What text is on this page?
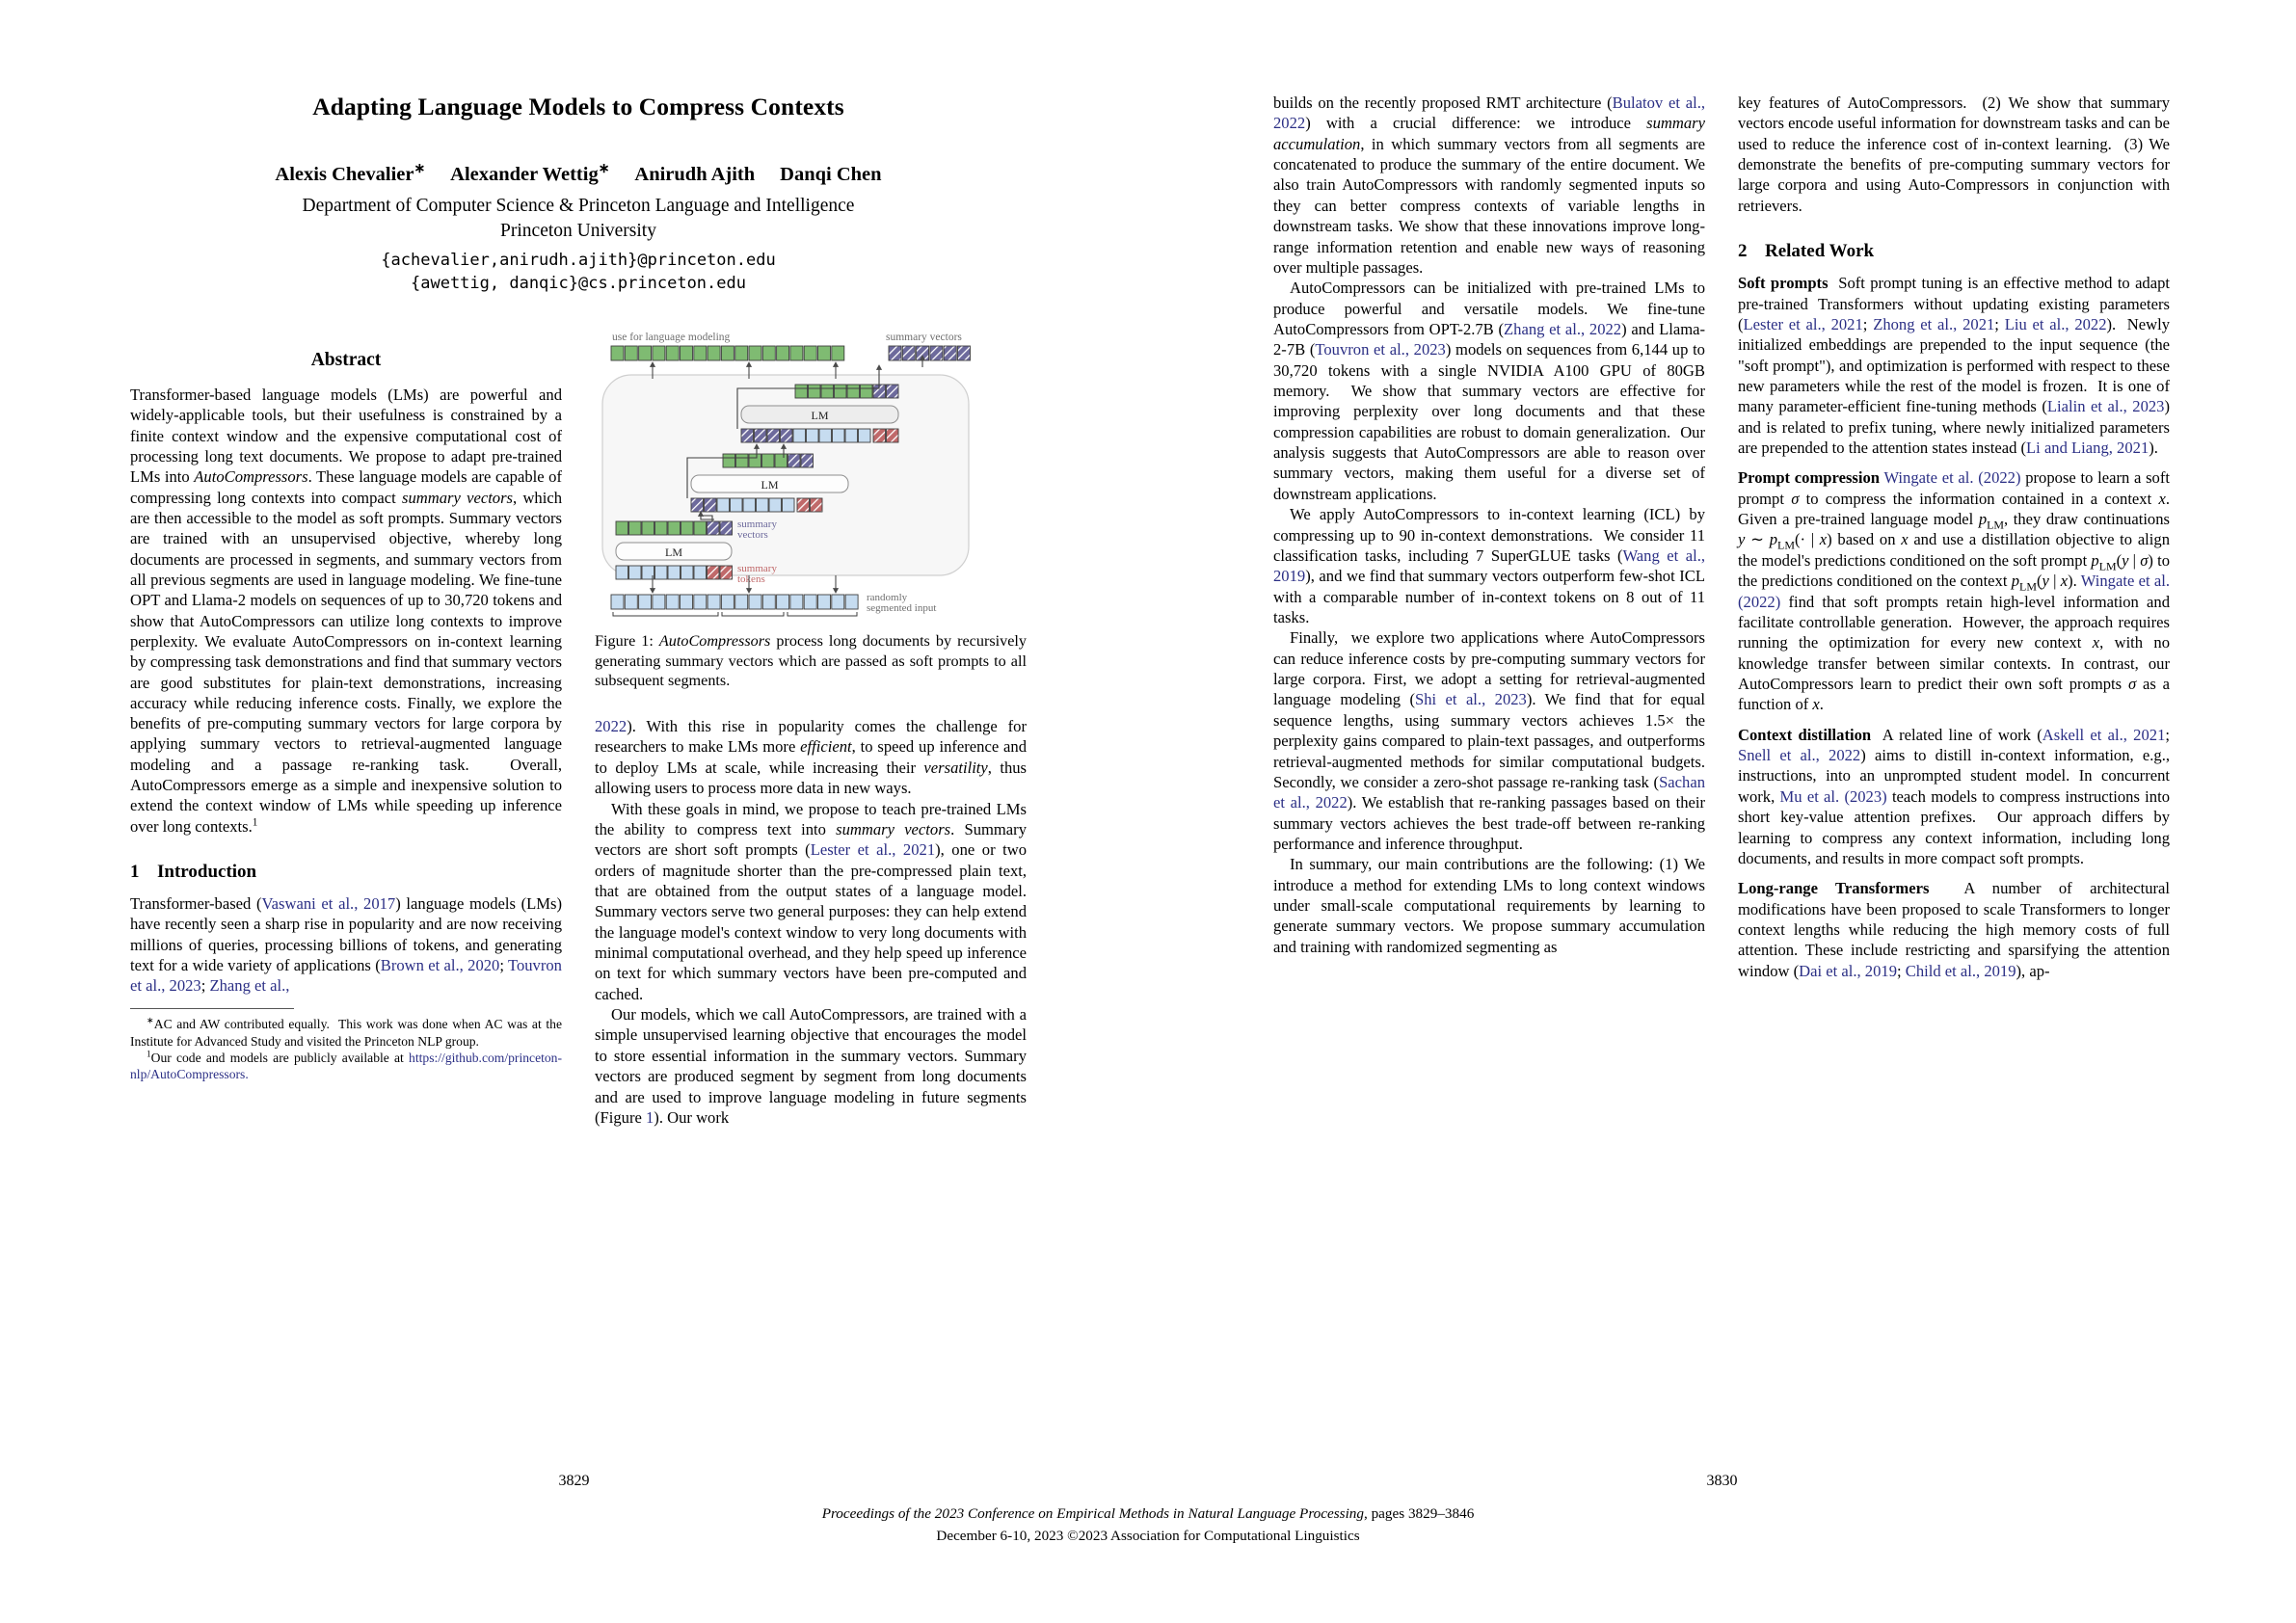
Adapting Language Models to Compress Contexts
Alexis Chevalier∗ Alexander Wettig∗ Anirudh Ajith Danqi Chen
Department of Computer Science & Princeton Language and Intelligence
Princeton University
{achevalier,anirudh.ajith}@princeton.edu
{awettig, danqic}@cs.princeton.edu
Abstract

Transformer-based language models (LMs) are powerful and widely-applicable tools, but their usefulness is constrained by a finite context window and the expensive computational cost of processing long text documents. We propose to adapt pre-trained LMs into AutoCompressors. These language models are capable of compressing long contexts into compact summary vectors, which are then accessible to the model as soft prompts. Summary vectors are trained with an unsupervised objective, whereby long documents are processed in segments, and summary vectors from all previous segments are used in language modeling. We fine-tune OPT and Llama-2 models on sequences of up to 30,720 tokens and show that AutoCompressors can utilize long contexts to improve perplexity. We evaluate AutoCompressors on in-context learning by compressing task demonstrations and find that summary vectors are good substitutes for plain-text demonstrations, increasing accuracy while reducing inference costs. Finally, we explore the benefits of pre-computing summary vectors for large corpora by applying summary vectors to retrieval-augmented language modeling and a passage re-ranking task.  Overall, AutoCompressors emerge as a simple and inexpensive solution to extend the context window of LMs while speeding up inference over long contexts.$^1$

1 Introduction

Transformer-based (Vaswani et al., 2017) language models (LMs) have recently seen a sharp rise in popularity and are now receiving millions of queries, processing billions of tokens, and generating text for a wide variety of applications (Brown et al., 2020; Touvron et al., 2023; Zhang et al.,

∗AC and AW contributed equally.  This work was done when AC was at the Institute for Advanced Study and visited the Princeton NLP group.

$^1$Our code and models are publicly available at https://github.com/princeton-nlp/AutoCompressors.

use for language modeling	summary vectors
LM
LM
summary
vectors
LM
summary
tokens
randomly
segmented input
Figure 1: AutoCompressors process long documents by recursively generating summary vectors which are passed as soft prompts to all subsequent segments.

2022). With this rise in popularity comes the challenge for researchers to make LMs more efficient, to speed up inference and to deploy LMs at scale, while increasing their versatility, thus allowing users to process more data in new ways.

With these goals in mind, we propose to teach pre-trained LMs the ability to compress text into summary vectors. Summary vectors are short soft prompts (Lester et al., 2021), one or two orders of magnitude shorter than the pre-compressed plain text, that are obtained from the output states of a language model. Summary vectors serve two general purposes: they can help extend the language model's context window to very long documents with minimal computational overhead, and they help speed up inference on text for which summary vectors have been pre-computed and cached.

Our models, which we call AutoCompressors, are trained with a simple unsupervised learning objective that encourages the model to store essential information in the summary vectors. Summary vectors are produced segment by segment from long documents and are used to improve language modeling in future segments (Figure 1). Our work

3829

builds on the recently proposed RMT architecture (Bulatov et al., 2022) with a crucial difference: we introduce summary accumulation, in which summary vectors from all segments are concatenated to produce the summary of the entire document. We also train AutoCompressors with randomly segmented inputs so they can better compress contexts of variable lengths in downstream tasks. We show that these innovations improve long-range information retention and enable new ways of reasoning over multiple passages.

AutoCompressors can be initialized with pre-trained LMs to produce powerful and versatile models. We fine-tune AutoCompressors from OPT-2.7B (Zhang et al., 2022) and Llama-2-7B (Touvron et al., 2023) models on sequences from 6,144 up to 30,720 tokens with a single NVIDIA A100 GPU of 80GB memory.  We show that summary vectors are effective for improving perplexity over long documents and that these compression capabilities are robust to domain generalization.  Our analysis suggests that AutoCompressors are able to reason over summary vectors, making them useful for a diverse set of downstream applications.

We apply AutoCompressors to in-context learning (ICL) by compressing up to 90 in-context demonstrations.  We consider 11 classification tasks, including 7 SuperGLUE tasks (Wang et al., 2019), and we find that summary vectors outperform few-shot ICL with a comparable number of in-context tokens on 8 out of 11 tasks.

Finally,  we explore two applications where AutoCompressors can reduce inference costs by pre-computing summary vectors for large corpora. First, we adopt a setting for retrieval-augmented language modeling (Shi et al., 2023). We find that for equal sequence lengths, using summary vectors achieves 1.5× the perplexity gains compared to plain-text passages, and outperforms retrieval-augmented methods for similar computational budgets. Secondly, we consider a zero-shot passage re-ranking task (Sachan et al., 2022). We establish that re-ranking passages based on their summary vectors achieves the best trade-off between re-ranking performance and inference throughput.

In summary, our main contributions are the following: (1) We introduce a method for extending LMs to long context windows under small-scale computational requirements by learning to generate summary vectors. We propose summary accumulation and training with randomized segmenting as

key features of AutoCompressors.  (2) We show that summary vectors encode useful information for downstream tasks and can be used to reduce the inference cost of in-context learning.  (3) We demonstrate the benefits of pre-computing summary vectors for large corpora and using Auto-Compressors in conjunction with retrievers.

2 Related Work

Soft prompts  Soft prompt tuning is an effective method to adapt pre-trained Transformers without updating existing parameters (Lester et al., 2021; Zhong et al., 2021; Liu et al., 2022).  Newly initialized embeddings are prepended to the input sequence (the "soft prompt"), and optimization is performed with respect to these new parameters while the rest of the model is frozen.  It is one of many parameter-efficient fine-tuning methods (Lialin et al., 2023) and is related to prefix tuning, where newly initialized parameters are prepended to the attention states instead (Li and Liang, 2021).

Prompt compression Wingate et al. (2022) propose to learn a soft prompt σ to compress the information contained in a context x. Given a pre-trained language model $p_{LM}$, they draw continuations y ∼ $p_{LM}(\cdot$ | x) based on x and use a distillation objective to align the model's predictions conditioned on the soft prompt $p_{LM}(y$ | σ) to the predictions conditioned on the context $p_{LM}(y$ | x). Wingate et al. (2022) find that soft prompts retain high-level information and facilitate controllable generation.  However, the approach requires running the optimization for every new context x, with no knowledge transfer between similar contexts. In contrast, our AutoCompressors learn to predict their own soft prompts σ as a function of x.

Context distillation  A related line of work (Askell et al., 2021; Snell et al., 2022) aims to distill in-context information, e.g., instructions, into an unprompted student model. In concurrent work, Mu et al. (2023) teach models to compress instructions into short key-value attention prefixes.  Our approach differs by learning to compress any context information, including long documents, and results in more compact soft prompts.

Long-range Transformers  A number of architectural modifications have been proposed to scale Transformers to longer context lengths while reducing the high memory costs of full attention. These include restricting and sparsifying the attention window (Dai et al., 2019; Child et al., 2019), ap-

3830
Proceedings of the 2023 Conference on Empirical Methods in Natural Language Processing, pages 3829–3846
December 6-10, 2023 ©2023 Association for Computational Linguistics
